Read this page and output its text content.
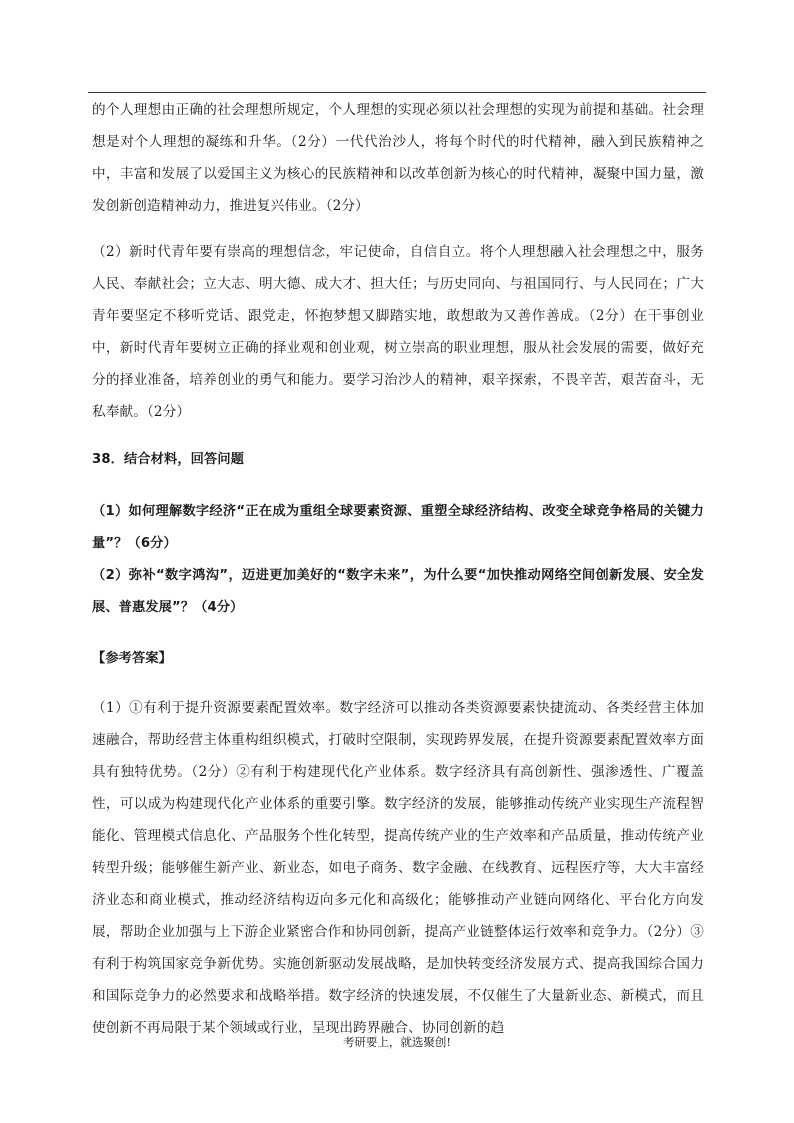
的个人理想由正确的社会理想所规定，个人理想的实现必须以社会理想的实现为前提和基础。社会理想是对个人理想的凝练和升华。（2分）一代代治沙人，将每个时代的时代精神，融入到民族精神之中，丰富和发展了以爱国主义为核心的民族精神和以改革创新为核心的时代精神，凝聚中国力量，激发创新创造精神动力，推进复兴伟业。（2分）

（2）新时代青年要有崇高的理想信念，牢记使命，自信自立。将个人理想融入社会理想之中，服务人民、奉献社会；立大志、明大德、成大才、担大任；与历史同向、与祖国同行、与人民同在；广大青年要坚定不移听党话、跟党走，怀抱梦想又脚踏实地，敢想敢为又善作善成。（2分）在干事创业中，新时代青年要树立正确的择业观和创业观，树立崇高的职业理想，服从社会发展的需要，做好充分的择业准备，培养创业的勇气和能力。要学习治沙人的精神，艰辛探索，不畏辛苦，艰苦奋斗，无私奉献。（2分）

38．结合材料，回答问题

（1）如何理解数字经济“正在成为重组全球要素资源、重塑全球经济结构、改变全球竞争格局的关键力量”？（6分）

（2）弥补“数字鸿沟”，迈进更加美好的“数字未来”，为什么要“加快推动网络空间创新发展、安全发展、普惠发展”？（4分）

【参考答案】

（1）①有利于提升资源要素配置效率。数字经济可以推动各类资源要素快捷流动、各类经营主体加速融合，帮助经营主体重构组织模式，打破时空限制，实现跨界发展，在提升资源要素配置效率方面具有独特优势。（2分）②有利于构建现代化产业体系。数字经济具有高创新性、强渗透性、广覆盖性，可以成为构建现代化产业体系的重要引擎。数字经济的发展，能够推动传统产业实现生产流程智能化、管理模式信息化、产品服务个性化转型，提高传统产业的生产效率和产品质量，推动传统产业转型升级；能够催生新产业、新业态，如电子商务、数字金融、在线教育、远程医疗等，大大丰富经济业态和商业模式，推动经济结构迈向多元化和高级化；能够推动产业链向网络化、平台化方向发展，帮助企业加强与上下游企业紧密合作和协同创新，提高产业链整体运行效率和竞争力。（2分）③有利于构筑国家竞争新优势。实施创新驱动发展战略，是加快转变经济发展方式、提高我国综合国力和国际竞争力的必然要求和战略举措。数字经济的快速发展，不仅催生了大量新业态、新模式，而且使创新不再局限于某个领域或行业，呈现出跨界融合、协同创新的趋

考研要上，就选聚创!
